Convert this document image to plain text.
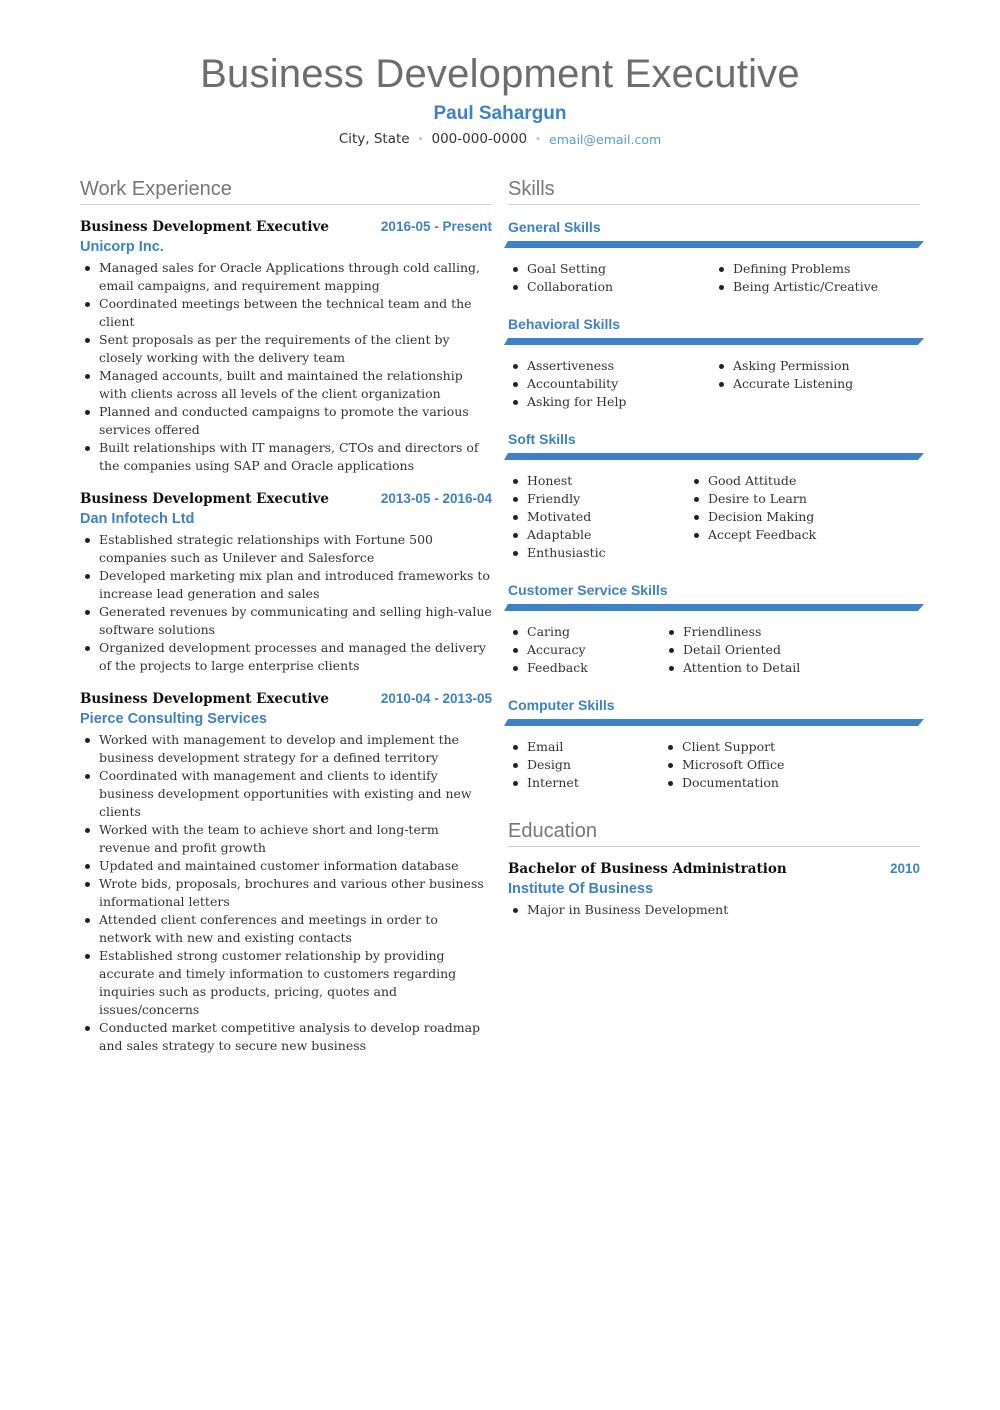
Business Development Executive
Paul Sahargun
City, State • 000-000-0000 • email@email.com
Work Experience
Business Development Executive	2016-05 - Present
Unicorp Inc.
Managed sales for Oracle Applications through cold calling, email campaigns, and requirement mapping
Coordinated meetings between the technical team and the client
Sent proposals as per the requirements of the client by closely working with the delivery team
Managed accounts, built and maintained the relationship with clients across all levels of the client organization
Planned and conducted campaigns to promote the various services offered
Built relationships with IT managers, CTOs and directors of the companies using SAP and Oracle applications
Business Development Executive	2013-05 - 2016-04
Dan Infotech Ltd
Established strategic relationships with Fortune 500 companies such as Unilever and Salesforce
Developed marketing mix plan and introduced frameworks to increase lead generation and sales
Generated revenues by communicating and selling high-value software solutions
Organized development processes and managed the delivery of the projects to large enterprise clients
Business Development Executive	2010-04 - 2013-05
Pierce Consulting Services
Worked with management to develop and implement the business development strategy for a defined territory
Coordinated with management and clients to identify business development opportunities with existing and new clients
Worked with the team to achieve short and long-term revenue and profit growth
Updated and maintained customer information database
Wrote bids, proposals, brochures and various other business informational letters
Attended client conferences and meetings in order to network with new and existing contacts
Established strong customer relationship by providing accurate and timely information to customers regarding inquiries such as products, pricing, quotes and issues/concerns
Conducted market competitive analysis to develop roadmap and sales strategy to secure new business
Skills
General Skills
Goal Setting
Collaboration
Defining Problems
Being Artistic/Creative
Behavioral Skills
Assertiveness
Accountability
Asking for Help
Asking Permission
Accurate Listening
Soft Skills
Honest
Friendly
Motivated
Adaptable
Enthusiastic
Good Attitude
Desire to Learn
Decision Making
Accept Feedback
Customer Service Skills
Caring
Accuracy
Feedback
Friendliness
Detail Oriented
Attention to Detail
Computer Skills
Email
Design
Internet
Client Support
Microsoft Office
Documentation
Education
Bachelor of Business Administration	2010
Institute Of Business
Major in Business Development
